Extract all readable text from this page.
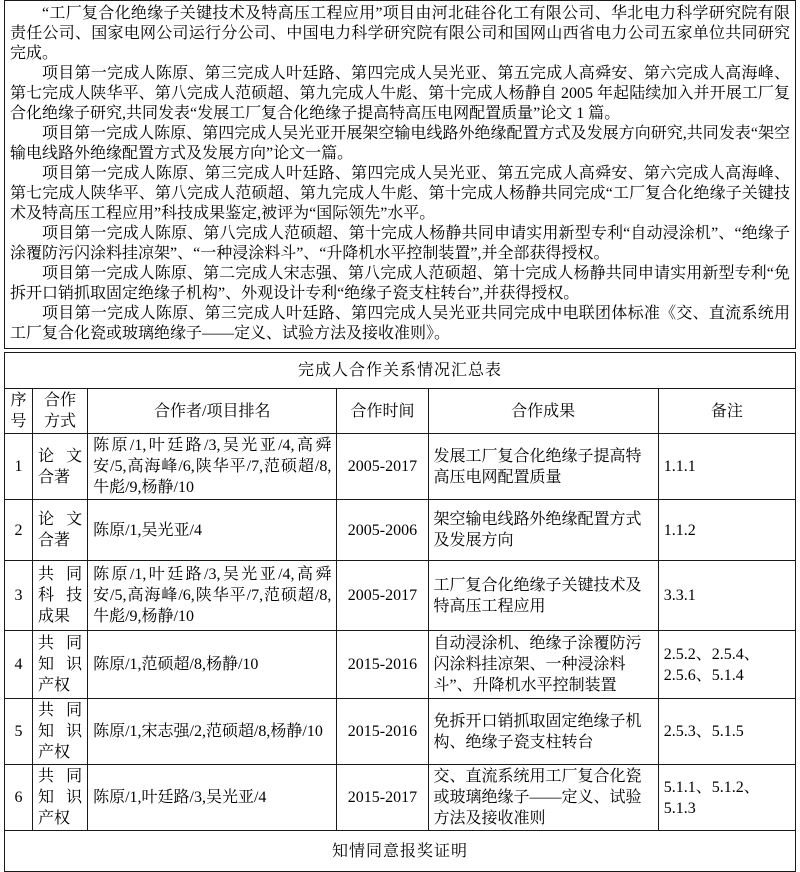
“工厂复合化绝缘子关键技术及特高压工程应用”项目由河北硅谷化工有限公司、华北电力科学研究院有限责任公司、国家电网公司运行分公司、中国电力科学研究院有限公司和国网山西省电力公司五家单位共同研究完成。

项目第一完成人陈原、第三完成人叶廷路、第四完成人吴光亚、第五完成人高舜安、第六完成人高海峰、第七完成人陕华平、第八完成人范硕超、第九完成人牛彪、第十完成人杨静自 2005 年起陆续加入并开展工厂复合化绝缘子研究,共同发表“发展工厂复合化绝缘子提高特高压电网配置质量”论文 1 篇。

项目第一完成人陈原、第四完成人吴光亚开展架空输电线路外绝缘配置方式及发展方向研究,共同发表“架空输电线路外绝缘配置方式及发展方向”论文一篇。

项目第一完成人陈原、第三完成人叶廷路、第四完成人吴光亚、第五完成人高舜安、第六完成人高海峰、第七完成人陕华平、第八完成人范硕超、第九完成人牛彪、第十完成人杨静共同完成“工厂复合化绝缘子关键技术及特高压工程应用”科技成果鉴定,被评为“国际领先”水平。

项目第一完成人陈原、第八完成人范硕超、第十完成人杨静共同申请实用新型专利“自动浸涂机”、“绝缘子涂覆防污闪涂料挂凉架”、“一种浸涂料斗”、“升降机水平控制装置”,并全部获得授权。

项目第一完成人陈原、第二完成人宋志强、第八完成人范硕超、第十完成人杨静共同申请实用新型专利“免拆开口销抓取固定绝缘子机构”、外观设计专利“绝缘子瓷支柱转台”,并获得授权。

项目第一完成人陈原、第三完成人叶廷路、第四完成人吴光亚共同完成中电联团体标准《交、直流系统用工厂复合化瓷或玻璃绝缘子——定义、试验方法及接收准则》。

完成人合作关系情况汇总表					
序号	合作方式	合作者/项目排名	合作时间	合作成果	备注
1	论文合著	陈原/1,叶廷路/3,吴光亚/4,高舜安/5,高海峰/6,陕华平/7,范硕超/8,牛彪/9,杨静/10	2005-2017	发展工厂复合化绝缘子提高特高压电网配置质量	1.1.1
2	论文合著	陈原/1,吴光亚/4	2005-2006	架空输电线路外绝缘配置方式及发展方向	1.1.2
3	共同科技成果	陈原/1,叶廷路/3,吴光亚/4,高舜安/5,高海峰/6,陕华平/7,范硕超/8,牛彪/9,杨静/10	2005-2017	工厂复合化绝缘子关键技术及特高压工程应用	3.3.1
4	共同知识产权	陈原/1,范硕超/8,杨静/10	2015-2016	自动浸涂机、绝缘子涂覆防污闪涂料挂凉架、一种浸涂料斗”、升降机水平控制装置	2.5.2、2.5.4、2.5.6、5.1.4
5	共同知识产权	陈原/1,宋志强/2,范硕超/8,杨静/10	2015-2016	免拆开口销抓取固定绝缘子机构、绝缘子瓷支柱转台	2.5.3、5.1.5
6	共同知识产权	陈原/1,叶廷路/3,吴光亚/4	2015-2017	交、直流系统用工厂复合化瓷或玻璃绝缘子——定义、试验方法及接收准则	5.1.1、5.1.2、5.1.3
知情同意报奖证明					
